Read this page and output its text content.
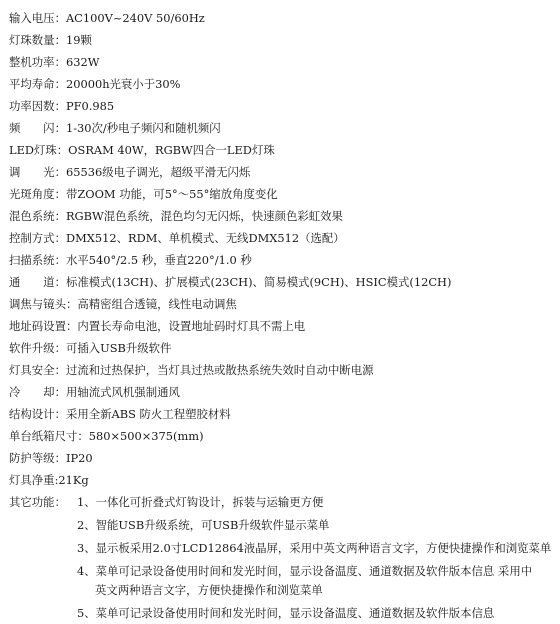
输入电压：AC100V~240V 50/60Hz
灯珠数量：19颗
整机功率：632W
平均寿命：20000h光衰小于30%
功率因数：PF0.985
频　　闪：1-30次/秒电子频闪和随机频闪
LED灯珠：OSRAM 40W，RGBW四合一LED灯珠
调　　光：65536级电子调光，超级平滑无闪烁
光斑角度：带ZOOM 功能，可5°～55°缩放角度变化
混色系统：RGBW混色系统，混色均匀无闪烁，快速颜色彩虹效果
控制方式：DMX512、RDM、单机模式、无线DMX512（选配）
扫描系统：水平540°/2.5 秒，垂直220°/1.0 秒
通　　道：标准模式(13CH)、扩展模式(23CH)、简易模式(9CH)、HSIC模式(12CH)
调焦与镜头：高精密组合透镜，线性电动调焦
地址码设置：内置长寿命电池，设置地址码时灯具不需上电
软件升级：可插入USB升级软件
灯具安全：过流和过热保护，当灯具过热或散热系统失效时自动中断电源
冷　　却：用轴流式风机强制通风
结构设计：采用全新ABS 防火工程塑胶材料
单台纸箱尺寸：580×500×375(mm)
防护等级：IP20
灯具净重:21Kg
其它功能： 1、一体化可折叠式灯钩设计，拆装与运输更方便
2、智能USB升级系统，可USB升级软件显示菜单
3、显示板采用2.0寸LCD12864液晶屏，采用中英文两种语言文字，方便快捷操作和浏览菜单
4、菜单可记录设备使用时间和发光时间，显示设备温度、通道数据及软件版本信息 采用中
英文两种语言文字，方便快捷操作和浏览菜单
5、菜单可记录设备使用时间和发光时间，显示设备温度、通道数据及软件版本信息
